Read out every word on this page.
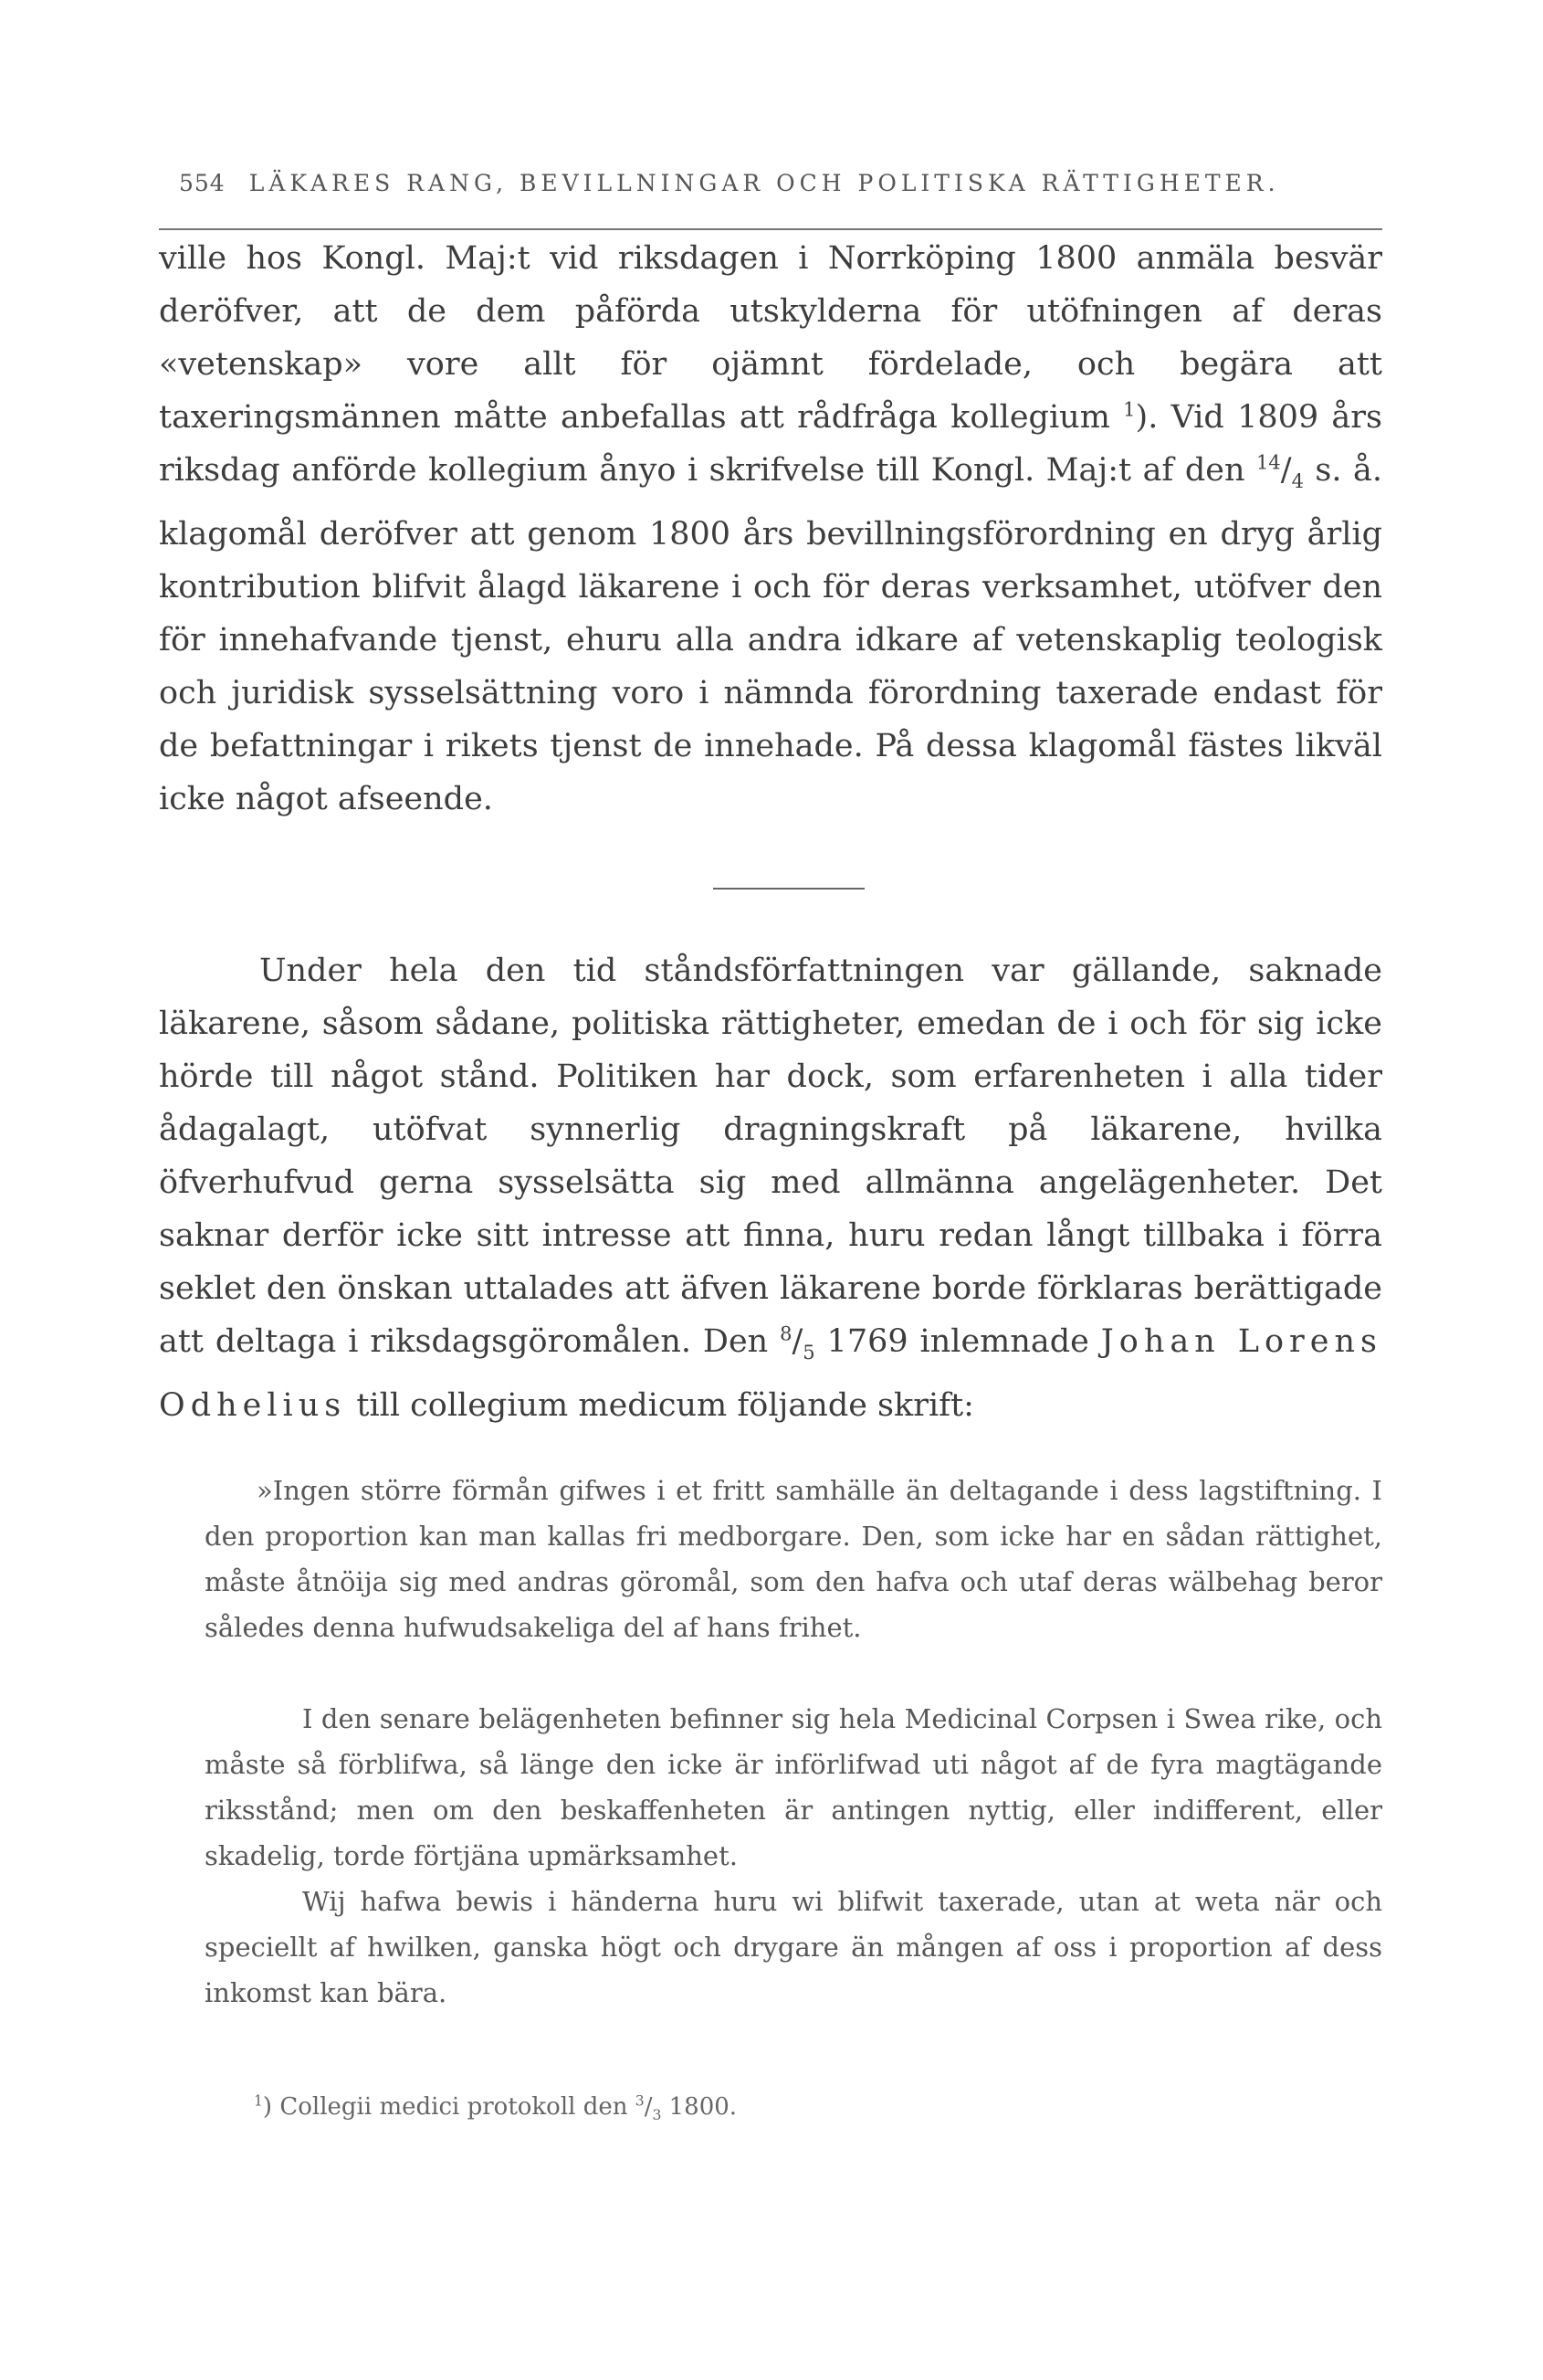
554 LÄKARES RANG, BEVILLNINGAR OCH POLITISKA RÄTTIGHETER.

ville hos Kongl. Maj:t vid riksdagen i Norrköping 1800 anmäla besvär deröfver, att de dem påförda utskylderna för utöfningen af deras «vetenskap» vore allt för ojämnt fördelade, och begära att taxeringsmännen måtte anbefallas att rådfråga kollegium $^1$). Vid 1809 års riksdag anförde kollegium ånyo i skrifvelse till Kongl. Maj:t af den $^{14}/_4$ s. å. klagomål deröfver att genom 1800 års bevillningsförordning en dryg årlig kontribution blifvit ålagd läkarene i och för deras verksamhet, utöfver den för innehafvande tjenst, ehuru alla andra idkare af vetenskaplig teologisk och juridisk sysselsättning voro i nämnda förordning taxerade endast för de befattningar i rikets tjenst de innehade. På dessa klagomål fästes likväl icke något afseende.

Under hela den tid ståndsförfattningen var gällande, saknade läkarene, såsom sådane, politiska rättigheter, emedan de i och för sig icke hörde till något stånd. Politiken har dock, som erfarenheten i alla tider ådagalagt, utöfvat synnerlig dragningskraft på läkarene, hvilka öfverhufvud gerna sysselsätta sig med allmänna angelägenheter. Det saknar derför icke sitt intresse att finna, huru redan långt tillbaka i förra seklet den önskan uttalades att äfven läkarene borde förklaras berättigade att deltaga i riksdagsgöromålen. Den $^8/_5$ 1769 inlemnade Johan Lorens Odhelius till collegium medicum följande skrift:

»Ingen större förmån gifwes i et fritt samhälle än deltagande i dess lagstiftning. I den proportion kan man kallas fri medborgare. Den, som icke har en sådan rättighet, måste åtnöija sig med andras göromål, som den hafva och utaf deras wälbehag beror således denna hufwudsakeliga del af hans frihet.

I den senare belägenheten befinner sig hela Medicinal Corpsen i Swea rike, och måste så förblifwa, så länge den icke är införlifwad uti något af de fyra magtägande riksstånd; men om den beskaffenheten är antingen nyttig, eller indifferent, eller skadelig, torde förtjäna upmärksamhet.

Wij hafwa bewis i händerna huru wi blifwit taxerade, utan at weta när och speciellt af hwilken, ganska högt och drygare än mången af oss i proportion af dess inkomst kan bära.

$^1$) Collegii medici protokoll den $^3/_3$ 1800.
